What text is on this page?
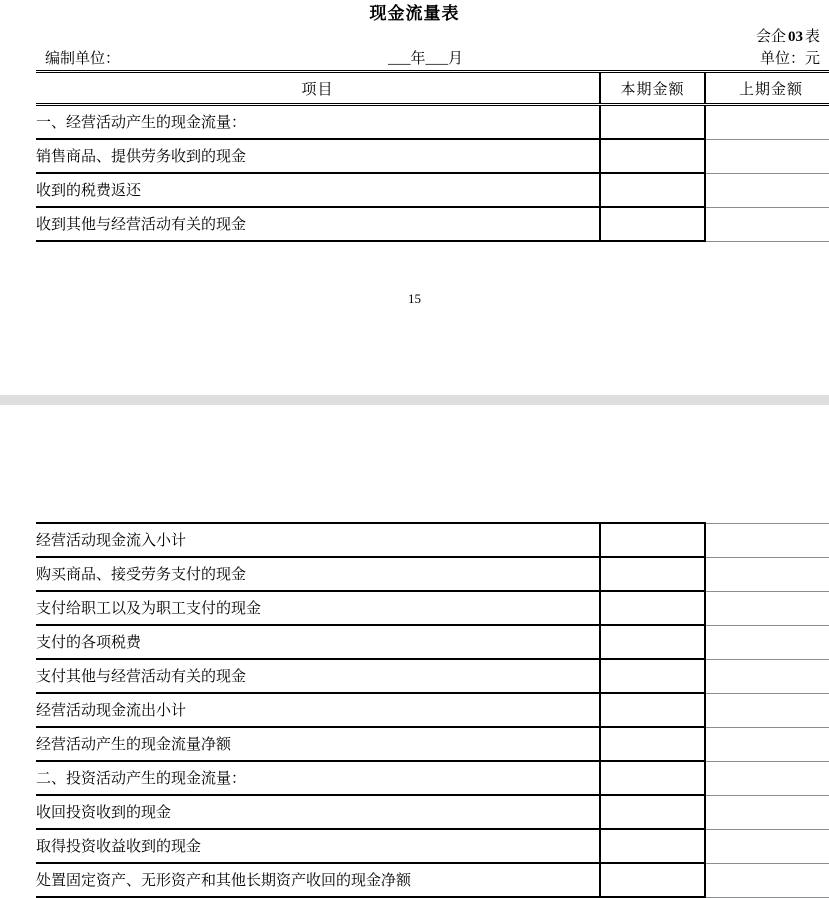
现金流量表
会企 03 表
编制单位：	___年___月	单位：元
项目	本期金额	上期金额
一、经营活动产生的现金流量：		
销售商品、提供劳务收到的现金		
收到的税费返还		
收到其他与经营活动有关的现金		
15
经营活动现金流入小计		
购买商品、接受劳务支付的现金		
支付给职工以及为职工支付的现金		
支付的各项税费		
支付其他与经营活动有关的现金		
经营活动现金流出小计		
经营活动产生的现金流量净额		
二、投资活动产生的现金流量：		
收回投资收到的现金		
取得投资收益收到的现金		
处置固定资产、无形资产和其他长期资产收回的现金净额		
